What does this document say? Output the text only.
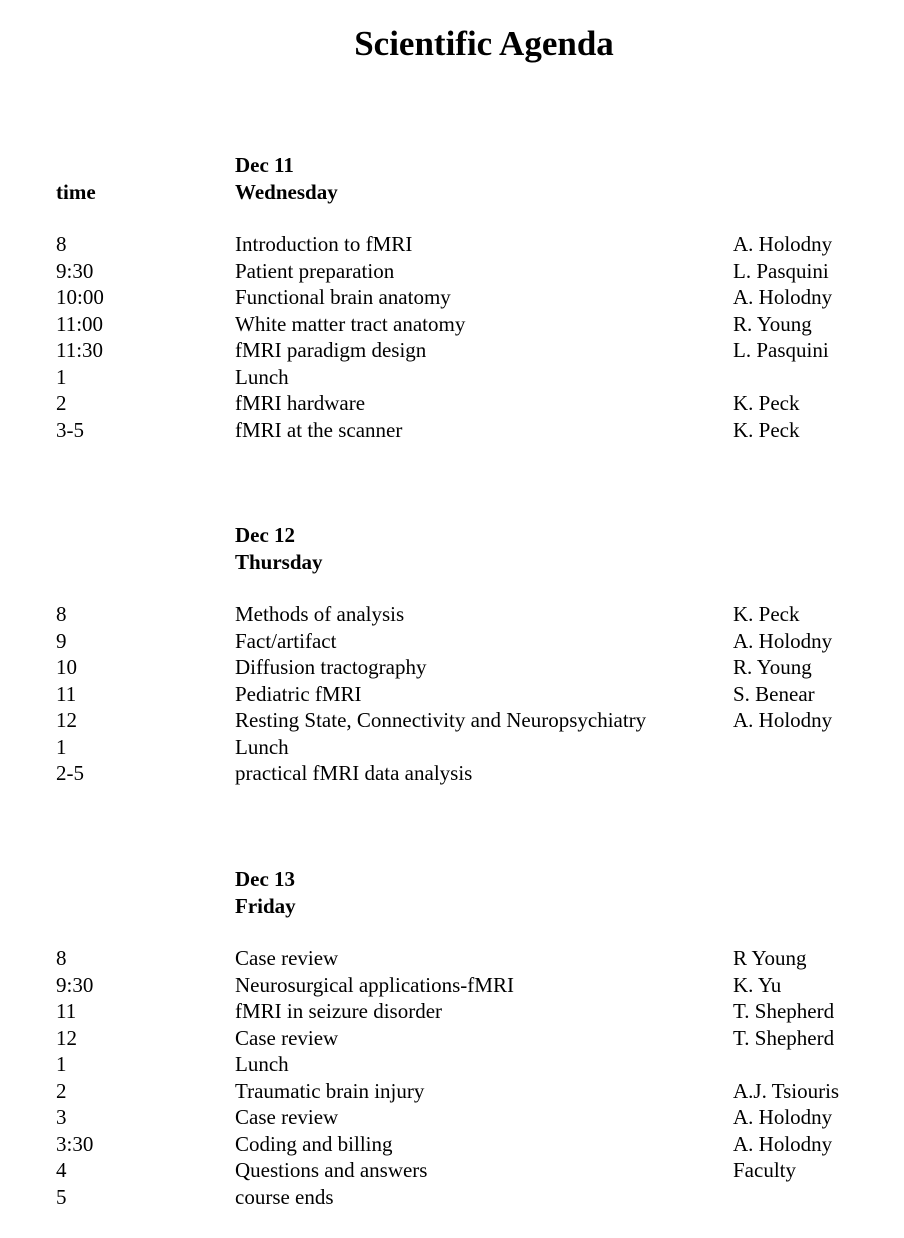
Scientific Agenda
Dec 11
time	Wednesday
8	Introduction to fMRI	A. Holodny
9:30	Patient preparation	L. Pasquini
10:00	Functional brain anatomy	A. Holodny
11:00	White matter tract anatomy	R. Young
11:30	fMRI paradigm design	L. Pasquini
1	Lunch
2	fMRI hardware	K. Peck
3-5	fMRI at the scanner	K. Peck
Dec 12
Thursday
8	Methods of analysis	K. Peck
9	Fact/artifact	A. Holodny
10	Diffusion tractography	R. Young
11	Pediatric fMRI	S. Benear
12	Resting State, Connectivity and Neuropsychiatry	A. Holodny
1	Lunch
2-5	practical fMRI data analysis
Dec 13
Friday
8	Case review	R Young
9:30	Neurosurgical applications-fMRI	K. Yu
11	fMRI in seizure disorder	T. Shepherd
12	Case review	T. Shepherd
1	Lunch
2	Traumatic brain injury	A.J. Tsiouris
3	Case review	A. Holodny
3:30	Coding and billing	A. Holodny
4	Questions and answers	Faculty
5	course ends
